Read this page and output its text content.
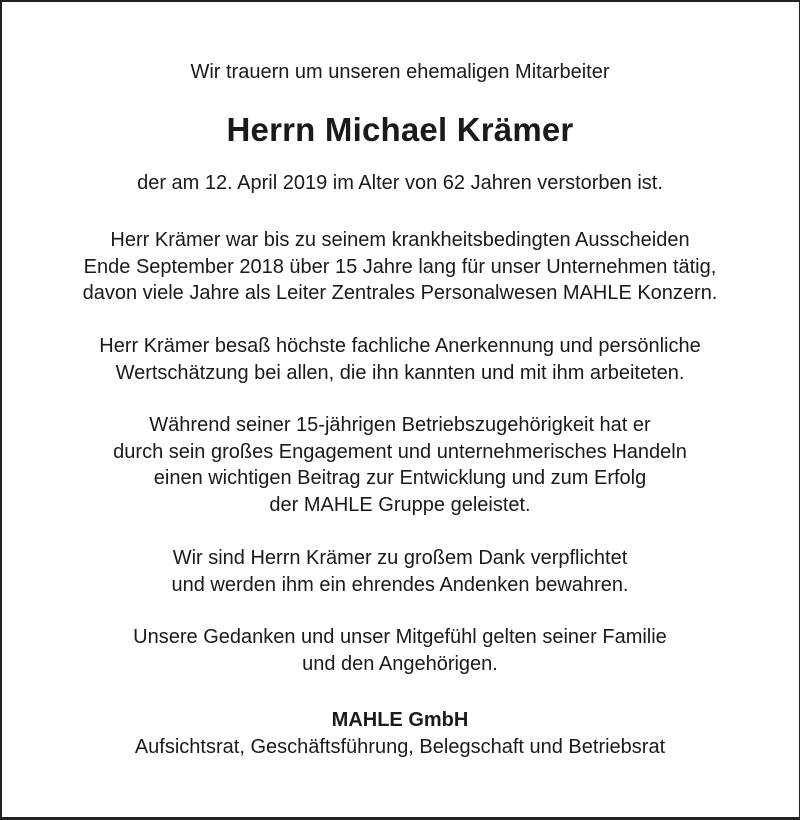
Wir trauern um unseren ehemaligen Mitarbeiter
Herrn Michael Krämer
der am 12. April 2019 im Alter von 62 Jahren verstorben ist.
Herr Krämer war bis zu seinem krankheitsbedingten Ausscheiden
Ende September 2018 über 15 Jahre lang für unser Unternehmen tätig,
davon viele Jahre als Leiter Zentrales Personalwesen MAHLE Konzern.
Herr Krämer besaß höchste fachliche Anerkennung und persönliche
Wertschätzung bei allen, die ihn kannten und mit ihm arbeiteten.
Während seiner 15-jährigen Betriebszugehörigkeit hat er
durch sein großes Engagement und unternehmerisches Handeln
einen wichtigen Beitrag zur Entwicklung und zum Erfolg
der MAHLE Gruppe geleistet.
Wir sind Herrn Krämer zu großem Dank verpflichtet
und werden ihm ein ehrendes Andenken bewahren.
Unsere Gedanken und unser Mitgefühl gelten seiner Familie
und den Angehörigen.
MAHLE GmbH
Aufsichtsrat, Geschäftsführung, Belegschaft und Betriebsrat
